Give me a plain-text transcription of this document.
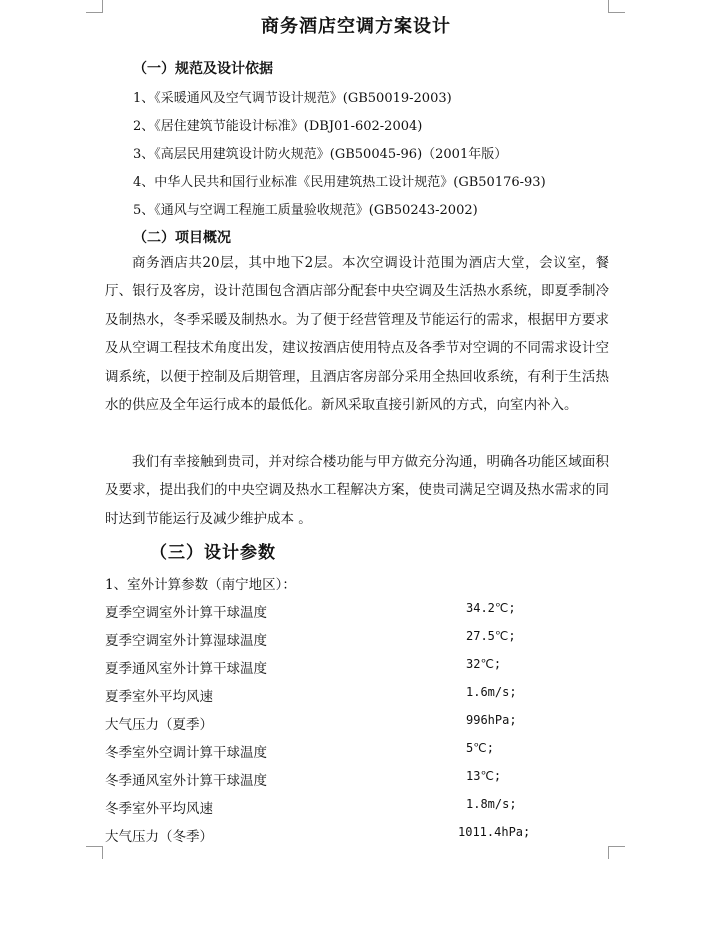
商务酒店空调方案设计
（一）规范及设计依据
1、《采暖通风及空气调节设计规范》(GB50019-2003)
2、《居住建筑节能设计标准》(DBJ01-602-2004)
3、《高层民用建筑设计防火规范》(GB50045-96)（2001年版）
4、中华人民共和国行业标准《民用建筑热工设计规范》(GB50176-93)
5、《通风与空调工程施工质量验收规范》(GB50243-2002)
（二）项目概况

商务酒店共20层，其中地下2层。本次空调设计范围为酒店大堂，会议室，餐厅、银行及客房，设计范围包含酒店部分配套中央空调及生活热水系统，即夏季制冷及制热水，冬季采暖及制热水。为了便于经营管理及节能运行的需求，根据甲方要求及从空调工程技术角度出发，建议按酒店使用特点及各季节对空调的不同需求设计空调系统，以便于控制及后期管理，且酒店客房部分采用全热回收系统，有利于生活热水的供应及全年运行成本的最低化。新风采取直接引新风的方式，向室内补入。

我们有幸接触到贵司，并对综合楼功能与甲方做充分沟通，明确各功能区域面积及要求，提出我们的中央空调及热水工程解决方案，使贵司满足空调及热水需求的同时达到节能运行及减少维护成本 。

（三）设计参数
1、室外计算参数（南宁地区）：
夏季空调室外计算干球温度	34.2℃;
夏季空调室外计算湿球温度	27.5℃;
夏季通风室外计算干球温度	32℃;
夏季室外平均风速	1.6m/s;
大气压力（夏季）	996hPa;
冬季室外空调计算干球温度	5℃;
冬季通风室外计算干球温度	13℃;
冬季室外平均风速	1.8m/s;
大气压力（冬季）	1011.4hPa;
